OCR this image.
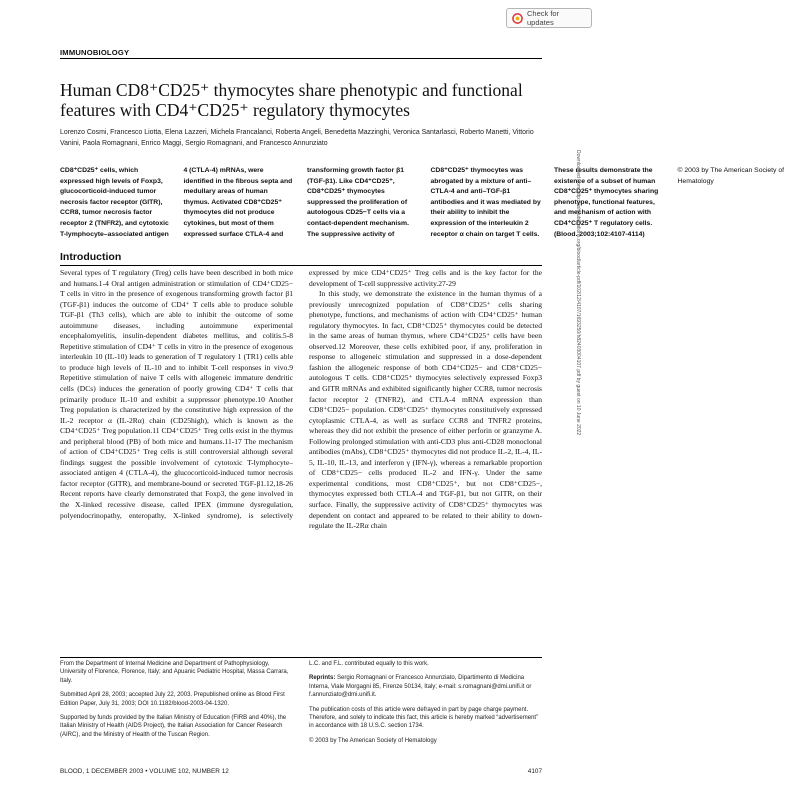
Check for updates
IMMUNOBIOLOGY
Human CD8⁺CD25⁺ thymocytes share phenotypic and functional features with CD4⁺CD25⁺ regulatory thymocytes
Lorenzo Cosmi, Francesco Liotta, Elena Lazzeri, Michela Francalanci, Roberta Angeli, Benedetta Mazzinghi, Veronica Santarlasci, Roberto Manetti, Vittorio Vanini, Paola Romagnani, Enrico Maggi, Sergio Romagnani, and Francesco Annunziato
CD8⁺CD25⁺ cells, which expressed high levels of Foxp3, glucocorticoid-induced tumor necrosis factor receptor (GITR), CCR8, tumor necrosis factor receptor 2 (TNFR2), and cytotoxic T-lymphocyte–associated antigen 4 (CTLA-4) mRNAs, were identified in the fibrous septa and medullary areas of human thymus. Activated CD8⁺CD25⁺ thymocytes did not produce cytokines, but most of them expressed surface CTLA-4 and transforming growth factor β1 (TGF-β1). Like CD4⁺CD25⁺, CD8⁺CD25⁺ thymocytes suppressed the proliferation of autologous CD25−T cells via a contact-dependent mechanism. The suppressive activity of CD8⁺CD25⁺ thymocytes was abrogated by a mixture of anti–CTLA-4 and anti–TGF-β1 antibodies and it was mediated by their ability to inhibit the expression of the interleukin 2 receptor α chain on target T cells. These results demonstrate the existence of a subset of human CD8⁺CD25⁺ thymocytes sharing phenotype, functional features, and mechanism of action with CD4⁺CD25⁺ T regulatory cells. (Blood. 2003;102:4107-4114)
© 2003 by The American Society of Hematology
Introduction

Several types of T regulatory (Treg) cells have been described in both mice and humans.1-4 Oral antigen administration or stimulation of CD4⁺CD25− T cells in vitro in the presence of exogenous transforming growth factor β1 (TGF-β1) induces the outcome of CD4⁺ T cells able to produce soluble TGF-β1 (Th3 cells), which are able to inhibit the outcome of some autoimmune diseases, including autoimmune experimental encephalomyelitis, insulin-dependent diabetes mellitus, and colitis.5-8 Repetitive stimulation of CD4⁺ T cells in vitro in the presence of exogenous interleukin 10 (IL-10) leads to generation of T regulatory 1 (TR1) cells able to produce high levels of IL-10 and to inhibit T-cell responses in vivo.9 Repetitive stimulation of naive T cells with allogeneic immature dendritic cells (DCs) induces the generation of poorly growing CD4⁺ T cells that primarily produce IL-10 and exhibit a suppressor phenotype.10 Another Treg population is characterized by the constitutive high expression of the IL-2 receptor α (IL-2Rα) chain (CD25high), which is known as the CD4⁺CD25⁺ Treg population.11 CD4⁺CD25⁺ Treg cells exist in the thymus and peripheral blood (PB) of both mice and humans.11-17 The mechanism of action of CD4⁺CD25⁺ Treg cells is still controversial although several findings suggest the possible involvement of cytotoxic T-lymphocyte–associated antigen 4 (CTLA-4), the glucocorticoid-induced tumor necrosis factor receptor (GITR), and membrane-bound or secreted TGF-β1.12,18-26 Recent reports have clearly demonstrated that Foxp3, the gene involved in the X-linked recessive disease, called IPEX (immune dysregulation, polyendocrinopathy, enteropathy, X-linked syndrome), is selectively expressed by mice CD4⁺CD25⁺ Treg cells and is the key factor for the development of T-cell suppressive activity.27-29

In this study, we demonstrate the existence in the human thymus of a previously unrecognized population of CD8⁺CD25⁺ cells sharing phenotype, functions, and mechanisms of action with CD4⁺CD25⁺ human regulatory thymocytes. In fact, CD8⁺CD25⁺ thymocytes could be detected in the same areas of human thymus, where CD4⁺CD25⁺ cells have been observed.12 Moreover, these cells exhibited poor, if any, proliferation in response to allogeneic stimulation and suppressed in a dose-dependent fashion the allogeneic response of both CD4⁺CD25− and CD8⁺CD25− autologous T cells. CD8⁺CD25⁺ thymocytes selectively expressed Foxp3 and GITR mRNAs and exhibited significantly higher CCR8, tumor necrosis factor receptor 2 (TNFR2), and CTLA-4 mRNA expression than CD8⁺CD25− population. CD8⁺CD25⁺ thymocytes constitutively expressed cytoplasmic CTLA-4, as well as surface CCR8 and TNFR2 proteins, whereas they did not exhibit the presence of either perforin or granzyme A. Following prolonged stimulation with anti-CD3 plus anti-CD28 monoclonal antibodies (mAbs), CD8⁺CD25⁺ thymocytes did not produce IL-2, IL-4, IL-5, IL-10, IL-13, and interferon γ (IFN-γ), whereas a remarkable proportion of CD8⁺CD25− cells produced IL-2 and IFN-γ. Under the same experimental conditions, most CD8⁺CD25⁺, but not CD8⁺CD25−, thymocytes expressed both CTLA-4 and TGF-β1, but not GITR, on their surface. Finally, the suppressive activity of CD8⁺CD25⁺ thymocytes was dependent on contact and appeared to be related to their ability to down-regulate the IL-2Rα chain

From the Department of Internal Medicine and Department of Pathophysiology, University of Florence, Florence, Italy; and Apuanic Pediatric Hospital, Massa Carrara, Italy.

Submitted April 28, 2003; accepted July 22, 2003. Prepublished online as Blood First Edition Paper, July 31, 2003; DOI 10.1182/blood-2003-04-1320.

Supported by funds provided by the Italian Ministry of Education (FIRB and 40%), the Italian Ministry of Health (AIDS Project), the Italian Association for Cancer Research (AIRC), and the Ministry of Health of the Tuscan Region.

L.C. and F.L. contributed equally to this work.

Reprints: Sergio Romagnani or Francesco Annunziato, Dipartimento di Medicina Interna, Viale Morgagni 85, Firenze 50134, Italy; e-mail: s.romagnani@dmi.unifi.it or f.annunziato@dmi.unifi.it.

The publication costs of this article were defrayed in part by page charge payment. Therefore, and solely to indicate this fact, this article is hereby marked “advertisement” in accordance with 18 U.S.C. section 1734.

© 2003 by The American Society of Hematology

BLOOD, 1 DECEMBER 2003 • VOLUME 102, NUMBER 12	4107
Downloaded from http://ashpublications.org/blood/article-pdf/102/12/4107/1693250/h82403004107.pdf by guest on 10 June 2022
